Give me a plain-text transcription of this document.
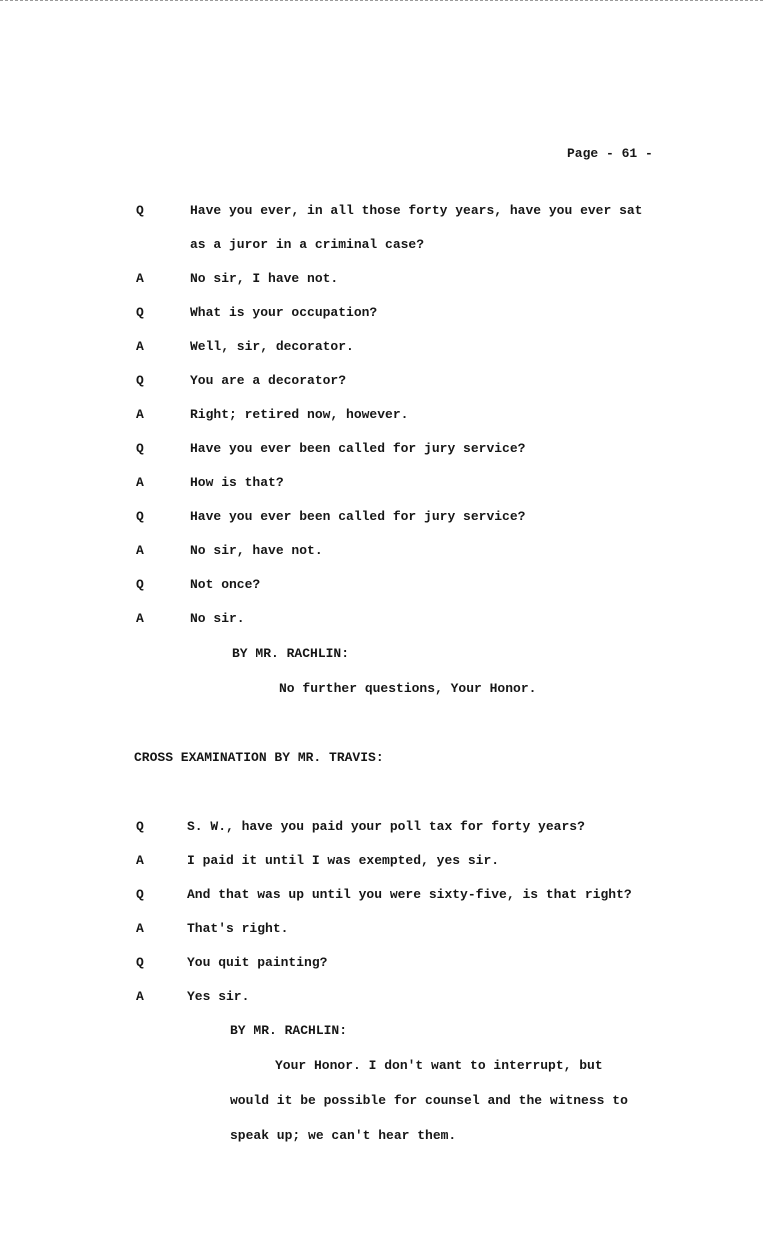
Page - 61 -
Q	Have you ever, in all those forty years, have you ever sat
as a juror in a criminal case?
A	No sir, I have not.
Q	What is your occupation?
A	Well, sir, decorator.
Q	You are a decorator?
A	Right; retired now, however.
Q	Have you ever been called for jury service?
A	How is that?
Q	Have you ever been called for jury service?
A	No sir, have not.
Q	Not once?
A	No sir.
BY MR. RACHLIN:
No further questions, Your Honor.
CROSS EXAMINATION BY MR. TRAVIS:
Q	S. W., have you paid your poll tax for forty years?
A	I paid it until I was exempted, yes sir.
Q	And that was up until you were sixty-five, is that right?
A	That's right.
Q	You quit painting?
A	Yes sir.
BY MR. RACHLIN:
Your Honor. I don't want to interrupt, but
would it be possible for counsel and the witness to
speak up; we can't hear them.
